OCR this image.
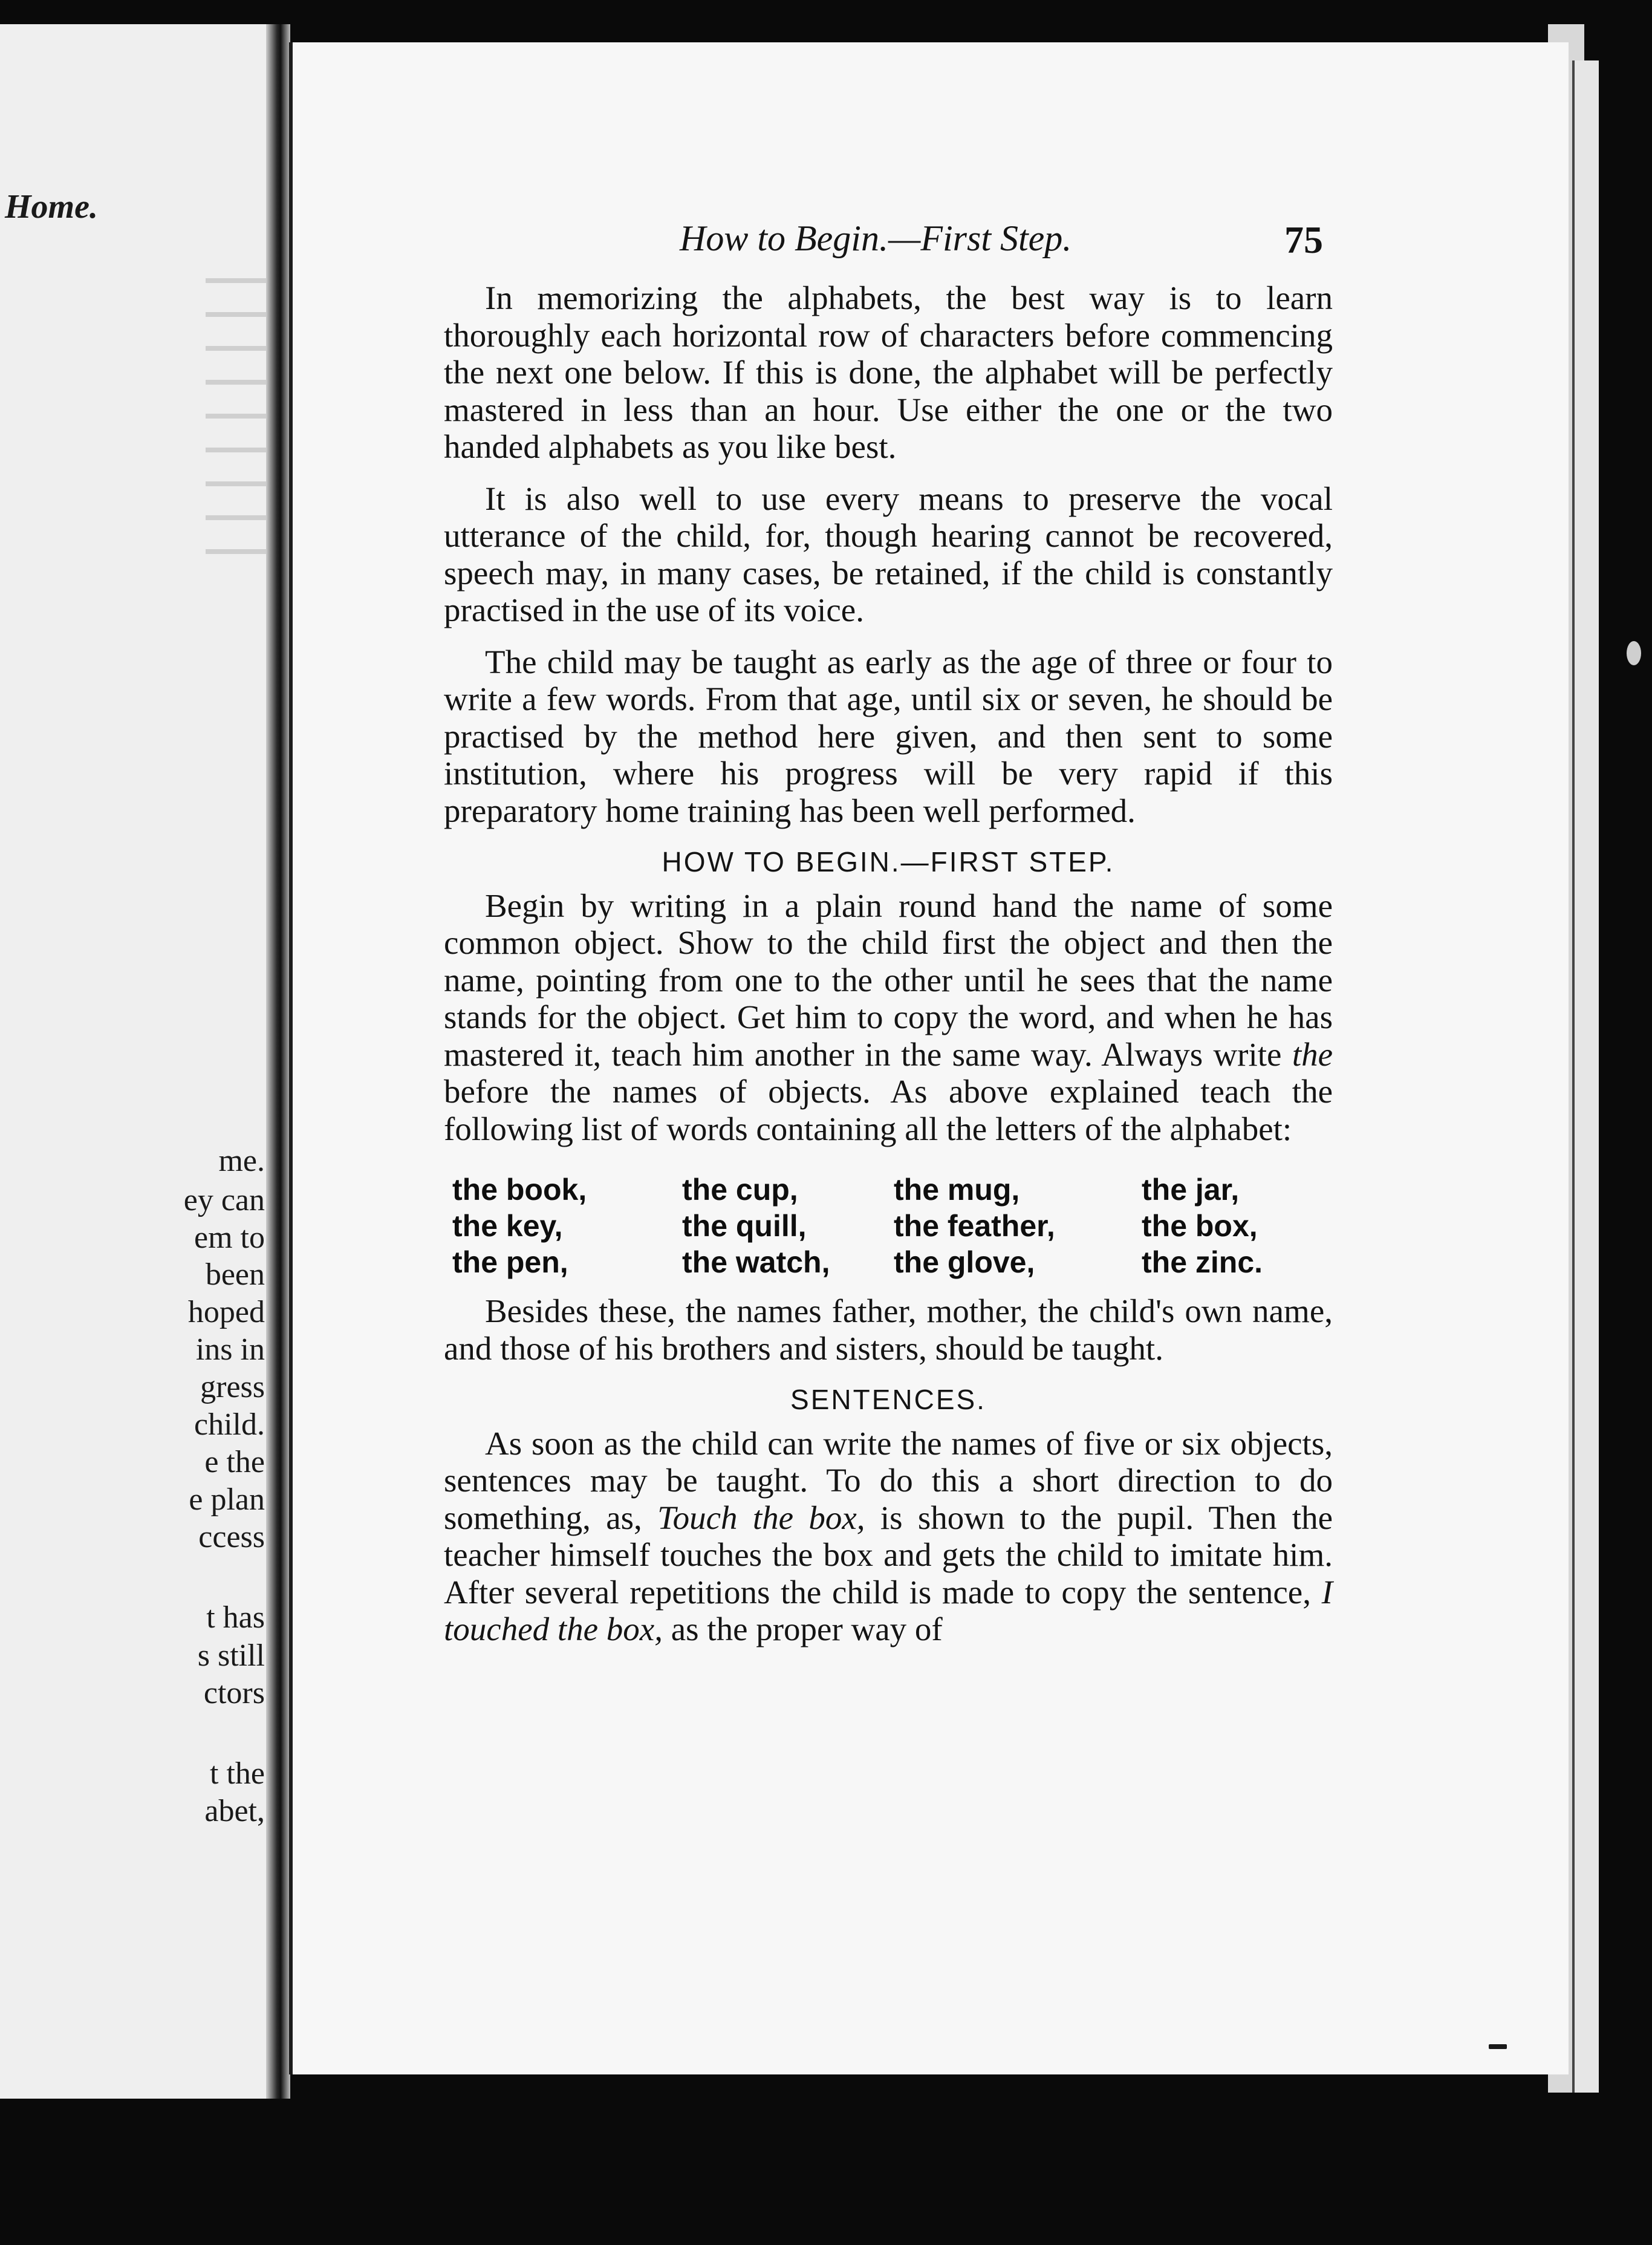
Home.
me.
ey can
em to
been
hoped
ins in
gress
child.
e the
e plan
ccess
t has
s still
ctors
t the
abet,
How to Begin.—First Step.	75

In memorizing the alphabets, the best way is to learn thoroughly each horizontal row of characters before commencing the next one below. If this is done, the alphabet will be perfectly mastered in less than an hour. Use either the one or the two handed alphabets as you like best.

It is also well to use every means to preserve the vocal utterance of the child, for, though hearing cannot be recovered, speech may, in many cases, be retained, if the child is constantly practised in the use of its voice.

The child may be taught as early as the age of three or four to write a few words. From that age, until six or seven, he should be practised by the method here given, and then sent to some institution, where his progress will be very rapid if this preparatory home training has been well performed.

HOW TO BEGIN.—FIRST STEP.

Begin by writing in a plain round hand the name of some common object. Show to the child first the object and then the name, pointing from one to the other until he sees that the name stands for the object. Get him to copy the word, and when he has mastered it, teach him another in the same way. Always write the before the names of objects. As above explained teach the following list of words containing all the letters of the alphabet:

the book,	the cup,	the mug,	the jar,
the key,	the quill,	the feather,	the box,
the pen,	the watch,	the glove,	the zinc.

Besides these, the names father, mother, the child's own name, and those of his brothers and sisters, should be taught.

SENTENCES.

As soon as the child can write the names of five or six objects, sentences may be taught. To do this a short direction to do something, as, Touch the box, is shown to the pupil. Then the teacher himself touches the box and gets the child to imitate him. After several repetitions the child is made to copy the sentence, I touched the box, as the proper way of
